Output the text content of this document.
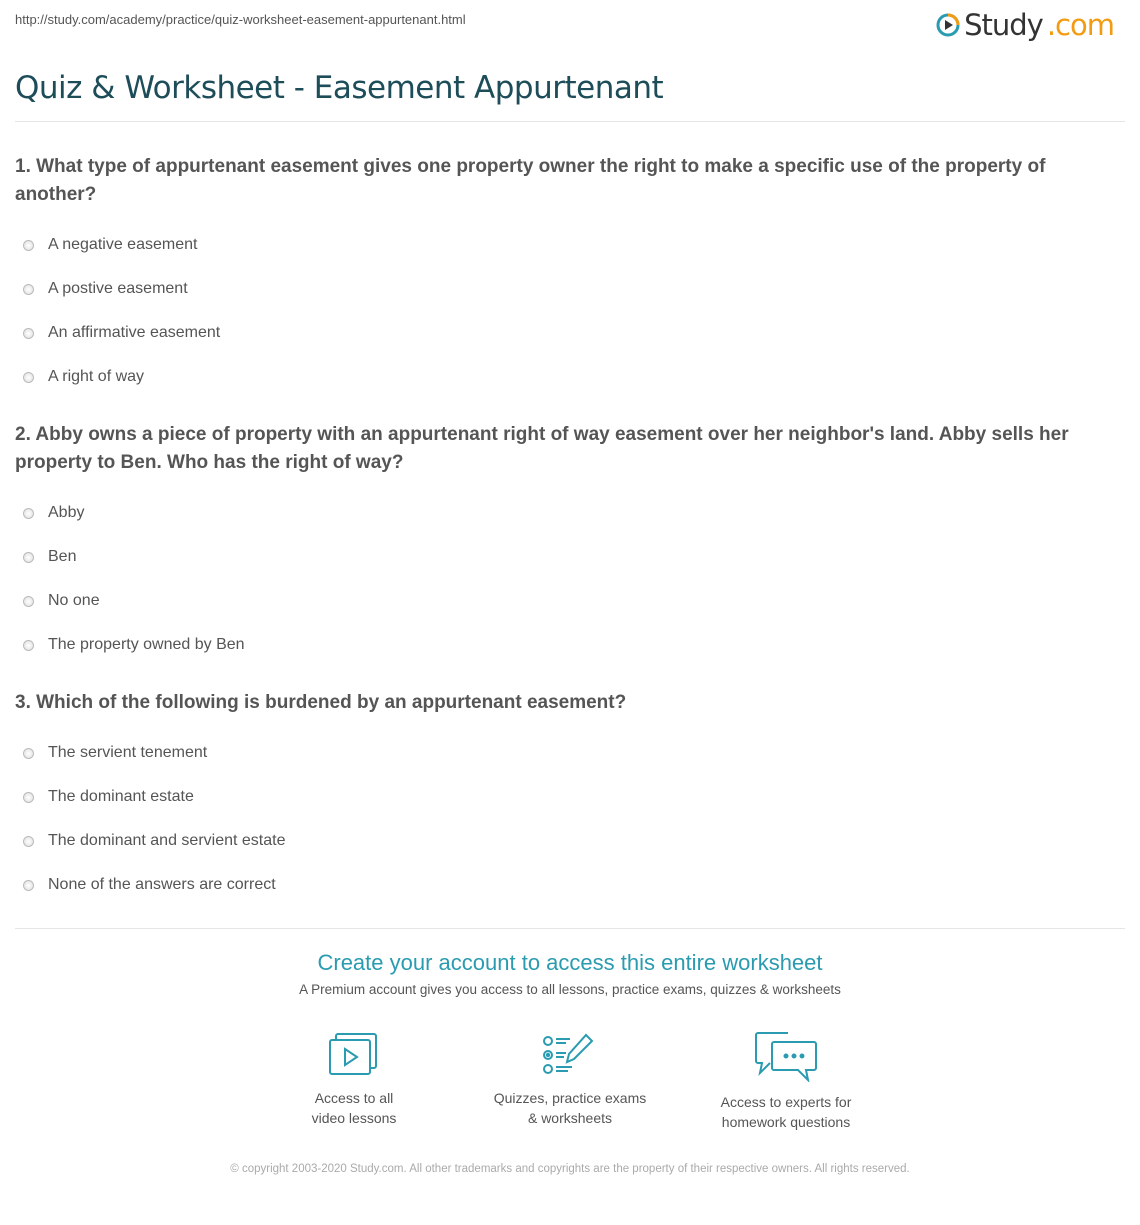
http://study.com/academy/practice/quiz-worksheet-easement-appurtenant.html	Study .com
Quiz & Worksheet - Easement Appurtenant

1. What type of appurtenant easement gives one property owner the right to make a specific use of the property of another?

A negative easement
A postive easement
An affirmative easement
A right of way

2. Abby owns a piece of property with an appurtenant right of way easement over her neighbor's land. Abby sells her property to Ben. Who has the right of way?

Abby
Ben
No one
The property owned by Ben

3. Which of the following is burdened by an appurtenant easement?

The servient tenement
The dominant estate
The dominant and servient estate
None of the answers are correct
Create your account to access this entire worksheet

A Premium account gives you access to all lessons, practice exams, quizzes & worksheets

Access to all
video lessons
Quizzes, practice exams
& worksheets
Access to experts for
homework questions
© copyright 2003-2020 Study.com. All other trademarks and copyrights are the property of their respective owners. All rights reserved.
